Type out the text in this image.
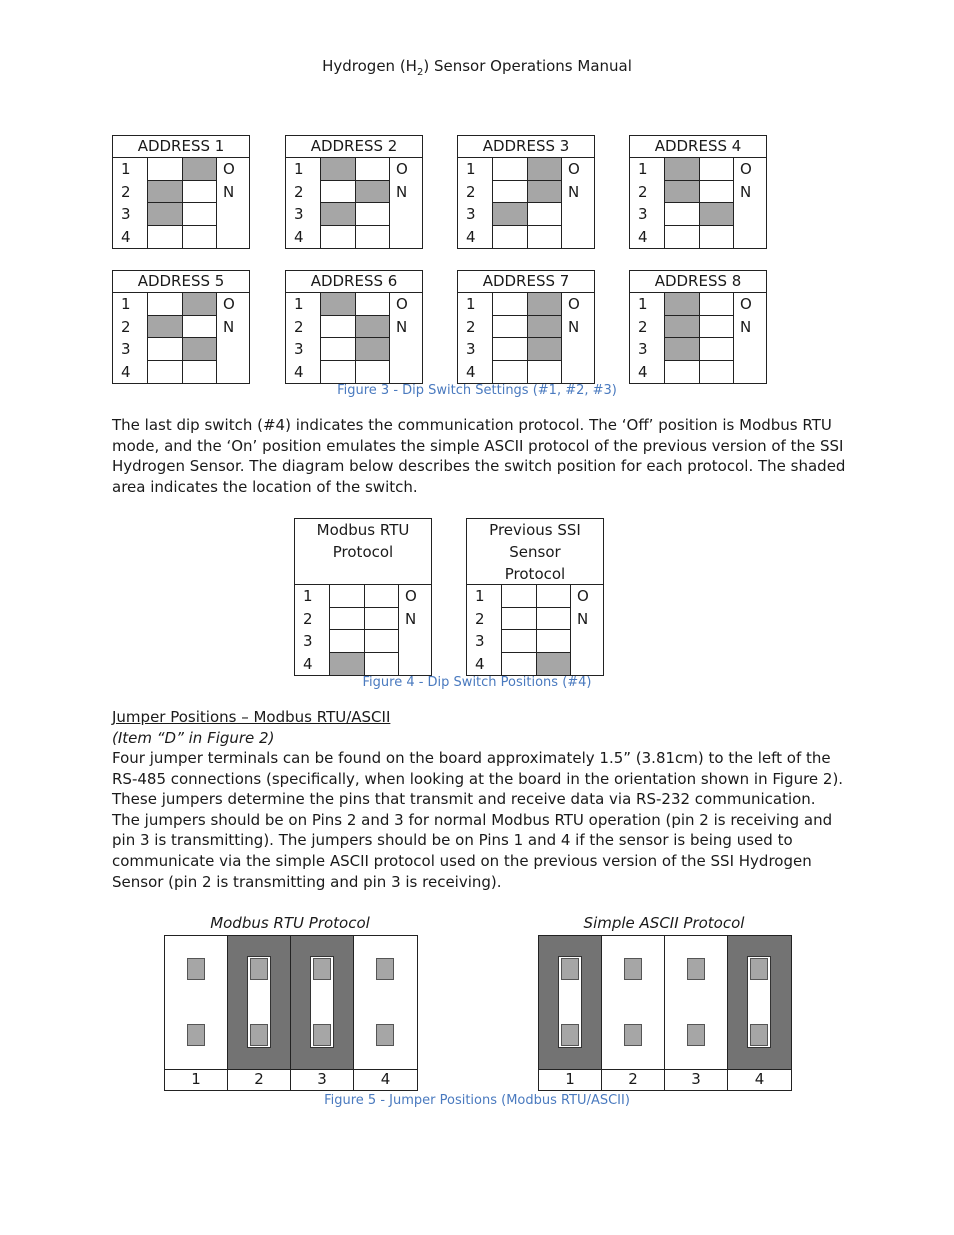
Hydrogen $(H_2)$ Sensor Operations Manual
ADDRESS 1
1
2
3
4
O
N
ADDRESS 2
1
2
3
4
O
N
ADDRESS 3
1
2
3
4
O
N
ADDRESS 4
1
2
3
4
O
N
ADDRESS 5
1
2
3
4
O
N
ADDRESS 6
1
2
3
4
O
N
ADDRESS 7
1
2
3
4
O
N
ADDRESS 8
1
2
3
4
O
N
Figure 3 - Dip Switch Settings (#1, #2, #3)
The last dip switch (#4) indicates the communication protocol. The ‘Off’ position is Modbus RTU mode, and the ‘On’ position emulates the simple ASCII protocol of the previous version of the SSI Hydrogen Sensor. The diagram below describes the switch position for each protocol. The shaded area indicates the location of the switch.
Modbus RTU
Protocol
1
2
3
4
O
N
Previous SSI
Sensor
Protocol
1
2
3
4
O
N
Figure 4 - Dip Switch Positions (#4)
Jumper Positions – Modbus RTU/ASCII
(Item “D” in Figure 2)
Four jumper terminals can be found on the board approximately 1.5” (3.81cm) to the left of the RS-485 connections (specifically, when looking at the board in the orientation shown in Figure 2). These jumpers determine the pins that transmit and receive data via RS-232 communication. The jumpers should be on Pins 2 and 3 for normal Modbus RTU operation (pin 2 is receiving and pin 3 is transmitting). The jumpers should be on Pins 1 and 4 if the sensor is being used to communicate via the simple ASCII protocol used on the previous version of the SSI Hydrogen Sensor (pin 2 is transmitting and pin 3 is receiving).
Modbus RTU Protocol
1	2	3	4
Simple ASCII Protocol
1	2	3	4
Figure 5 - Jumper Positions (Modbus RTU/ASCII)
